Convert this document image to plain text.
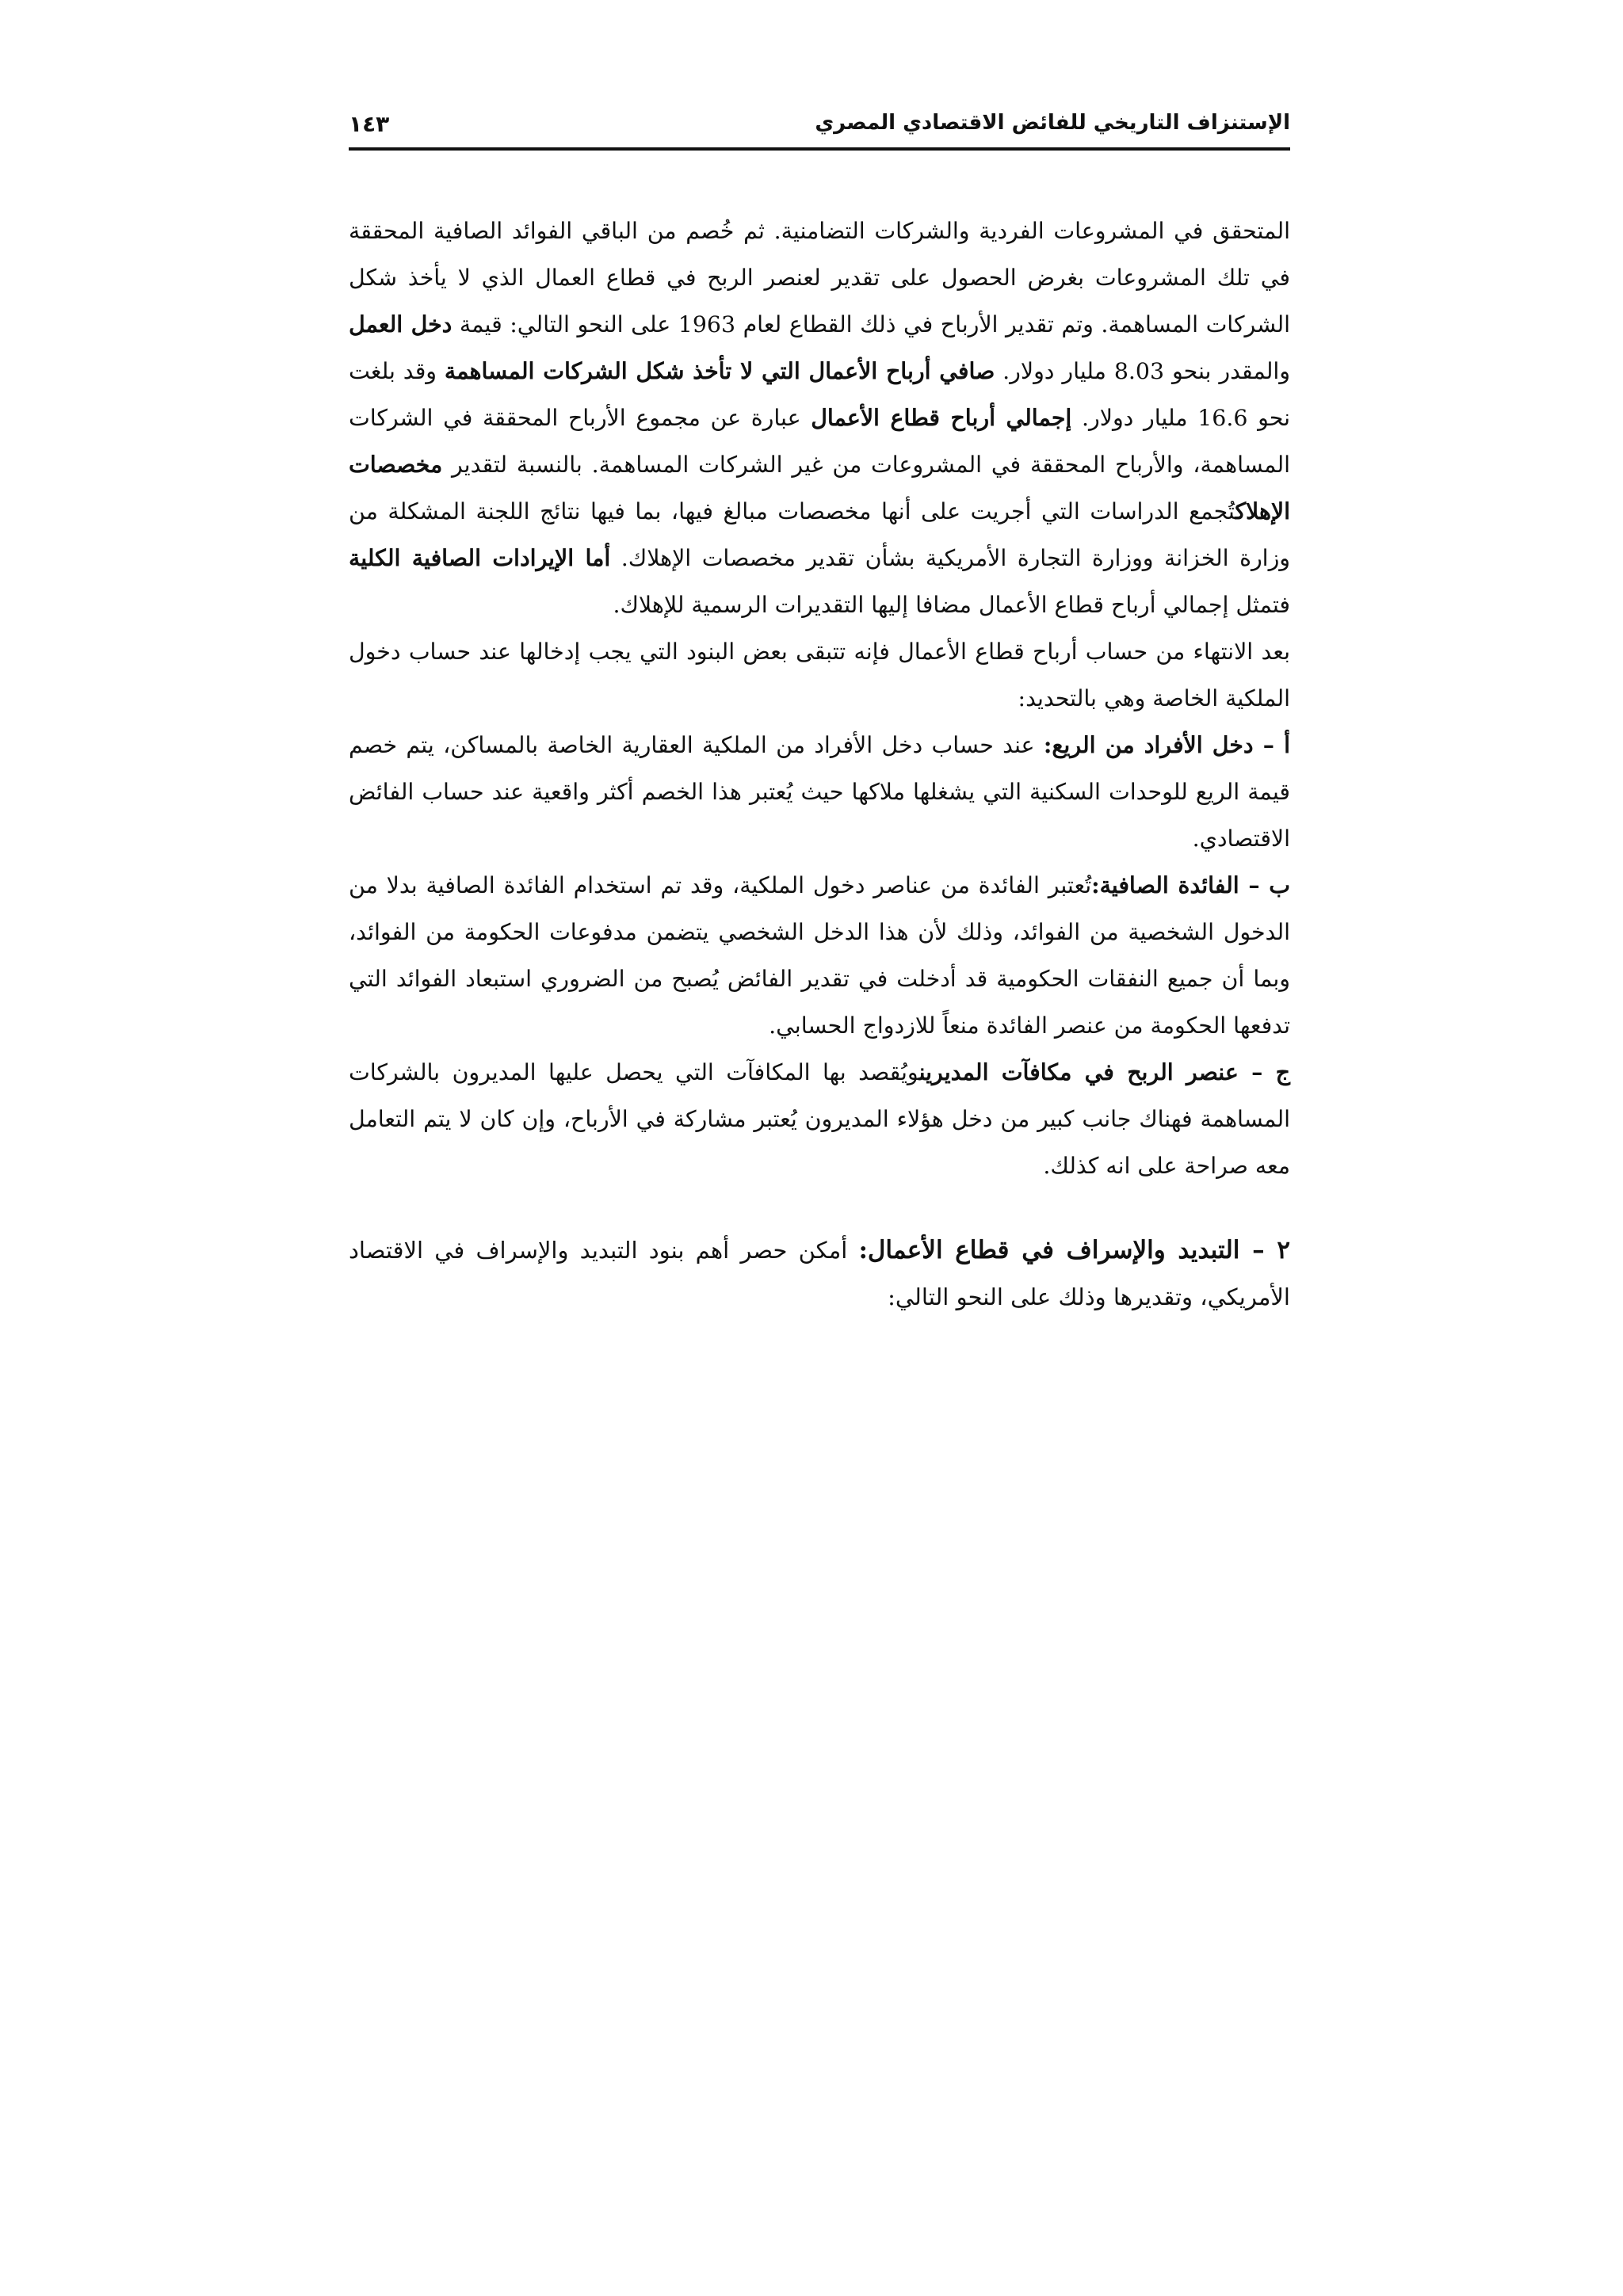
الإستنزاف التاريخي للفائض الاقتصادي المصري
١٤٣

المتحقق في المشروعات الفردية والشركات التضامنية. ثم خُصم من الباقي الفوائد الصافية المحققة في تلك المشروعات بغرض الحصول على تقدير لعنصر الربح في قطاع العمال الذي لا يأخذ شكل الشركات المساهمة. وتم تقدير الأرباح في ذلك القطاع لعام 1963 على النحو التالي: قيمة دخل العمل والمقدر بنحو 8.03 مليار دولار. صافي أرباح الأعمال التي لا تأخذ شكل الشركات المساهمة وقد بلغت نحو 16.6 مليار دولار. إجمالي أرباح قطاع الأعمال عبارة عن مجموع الأرباح المحققة في الشركات المساهمة، والأرباح المحققة في المشروعات من غير الشركات المساهمة. بالنسبة لتقدير مخصصات الإهلاكتُجمع الدراسات التي أجريت على أنها مخصصات مبالغ فيها، بما فيها نتائج اللجنة المشكلة من وزارة الخزانة ووزارة التجارة الأمريكية بشأن تقدير مخصصات الإهلاك. أما الإيرادات الصافية الكلية فتمثل إجمالي أرباح قطاع الأعمال مضافا إليها التقديرات الرسمية للإهلاك.

بعد الانتهاء من حساب أرباح قطاع الأعمال فإنه تتبقى بعض البنود التي يجب إدخالها عند حساب دخول الملكية الخاصة وهي بالتحديد:

أ – دخل الأفراد من الريع: عند حساب دخل الأفراد من الملكية العقارية الخاصة بالمساكن، يتم خصم قيمة الريع للوحدات السكنية التي يشغلها ملاكها حيث يُعتبر هذا الخصم أكثر واقعية عند حساب الفائض الاقتصادي.

ب – الفائدة الصافية:تُعتبر الفائدة من عناصر دخول الملكية، وقد تم استخدام الفائدة الصافية بدلا من الدخول الشخصية من الفوائد، وذلك لأن هذا الدخل الشخصي يتضمن مدفوعات الحكومة من الفوائد، وبما أن جميع النفقات الحكومية قد أدخلت في تقدير الفائض يُصبح من الضروري استبعاد الفوائد التي تدفعها الحكومة من عنصر الفائدة منعاً للازدواج الحسابي.

ج – عنصر الربح في مكافآت المديرينويُقصد بها المكافآت التي يحصل عليها المديرون بالشركات المساهمة فهناك جانب كبير من دخل هؤلاء المديرون يُعتبر مشاركة في الأرباح، وإن كان لا يتم التعامل معه صراحة على انه كذلك.

٢ – التبديد والإسراف في قطاع الأعمال: أمكن حصر أهم بنود التبديد والإسراف في الاقتصاد الأمريكي، وتقديرها وذلك على النحو التالي:
